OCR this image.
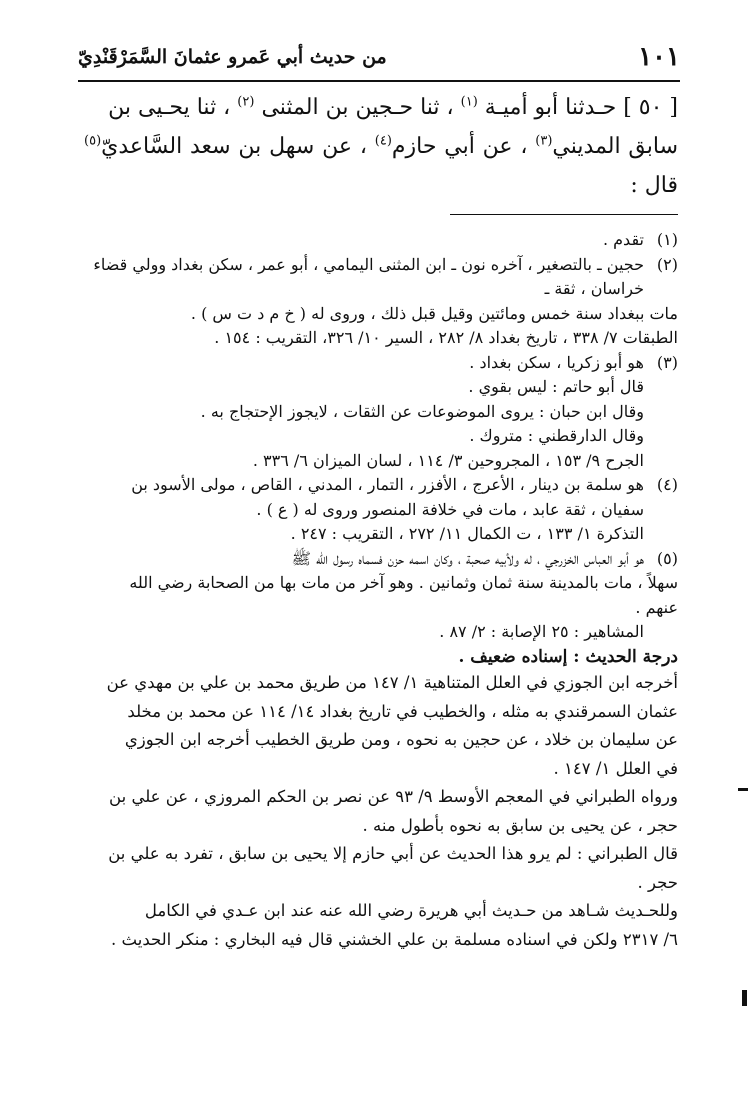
١٠١
من حديث أبي عَمرو عثمانَ السَّمَرْقَنْدِيّ

[ ٥٠ ] حـدثنا أبو أميـة $^{(١)}$ ، ثنا حـجين بن المثنى $^{(٢)}$ ، ثنا يحـيى بن

سابق المديني$^{(٣)}$ ، عن أبي حازم$^{(٤)}$ ، عن سهل بن سعد السَّاعديّ$^{(٥)}$ قال :

(١)

تقدم .

(٢)

حجين ـ بالتصغير ، آخره نون ـ ابن المثنى اليمامي ، أبو عمر ، سكن بغداد وولي قضاء

خراسان ، ثقة ـ

مات ببغداد سنة خمس ومائتين وقيل قبل ذلك ، وروى له ( خ م د ت س ) .

الطبقات ٧/ ٣٣٨ ، تاريخ بغداد ٨/ ٢٨٢ ، السير ١٠/ ٣٢٦، التقريب : ١٥٤ .

(٣)

هو أبو زكريا ، سكن بغداد .

قال أبو حاتم : ليس بقوي .

وقال ابن حبان : يروى الموضوعات عن الثقات ، لايجوز الإحتجاج به .

وقال الدارقطني : متروك .

الجرح ٩/ ١٥٣ ، المجروحين ٣/ ١١٤ ، لسان الميزان ٦/ ٣٣٦ .

(٤)

هو سلمة بن دينار ، الأعرج ، الأفزر ، التمار ، المدني ، القاص ، مولى الأسود بن

سفيان ، ثقة عابد ، مات في خلافة المنصور وروى له ( ع ) .

التذكرة ١/ ١٣٣ ، ت الكمال ١١/ ٢٧٢ ، التقريب : ٢٤٧ .

(٥)

هو أبو العباس الخزرجي ، له ولأبيه صحبة ، وكان اسمه حزن فسماه رسول الله ﷺ

سهلاً ، مات بالمدينة سنة ثمان وثمانين . وهو آخر من مات بها من الصحابة رضي الله

عنهم .

المشاهير : ٢٥ الإصابة : ٢/ ٨٧ .

درجة الحديث : إسناده ضعيف .

أخرجه ابن الجوزي في العلل المتناهية ١/ ١٤٧ من طريق محمد بن علي بن مهدي عن

عثمان السمرقندي به مثله ، والخطيب في تاريخ بغداد ١٤/ ١١٤ عن محمد بن مخلد

عن سليمان بن خلاد ، عن حجين به نحوه ، ومن طريق الخطيب أخرجه ابن الجوزي

في العلل ١/ ١٤٧ .

ورواه الطبراني في المعجم الأوسط ٩/ ٩٣ عن نصر بن الحكم المروزي ، عن علي بن

حجر ، عن يحيى بن سابق به نحوه بأطول منه .

قال الطبراني : لم يرو هذا الحديث عن أبي حازم إلا يحيى بن سابق ، تفرد به علي بن

حجر .

وللحـديث شـاهد من حـديث أبي هريرة رضي الله عنه عند ابن عـدي في الكامل

٦/ ٢٣١٧ ولكن في اسناده مسلمة بن علي الخشني قال فيه البخاري : منكر الحديث .
